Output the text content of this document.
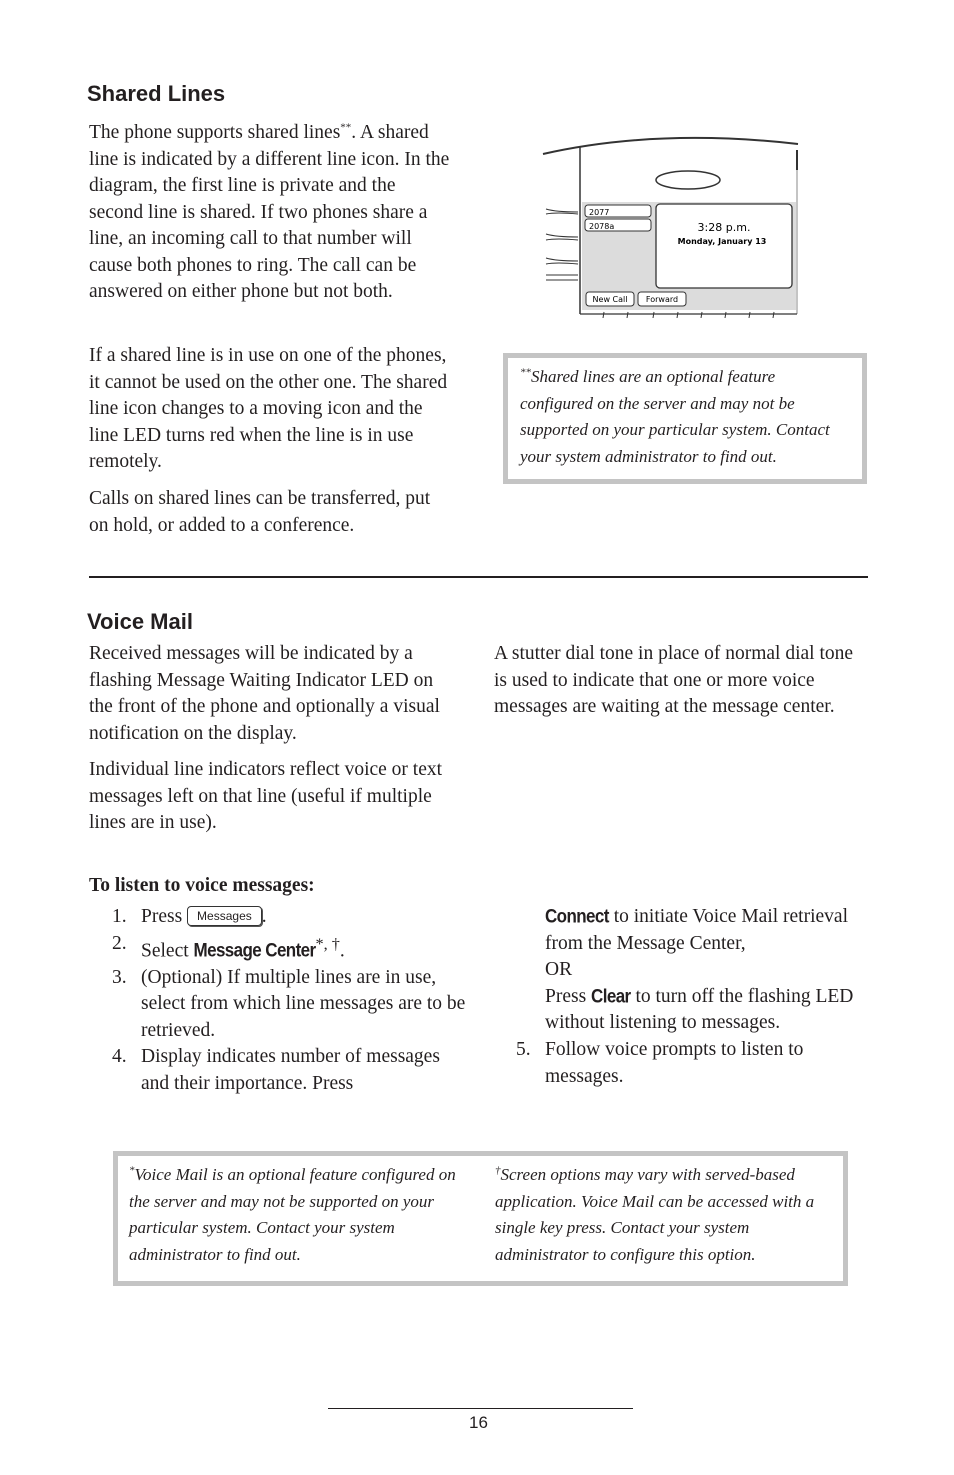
Shared Lines

The phone supports shared lines**. A shared line is indicated by a different line icon. In the diagram, the first line is private and the second line is shared. If two phones share a line, an incoming call to that number will cause both phones to ring. The call can be answered on either phone but not both.

If a shared line is in use on one of the phones, it cannot be used on the other one. The shared line icon changes to a moving icon and the line LED turns red when the line is in use remotely.

Calls on shared lines can be transferred, put on hold, or added to a conference.

2077
2078a	3:28 p.m.
Monday, January 13
New Call Forward
**Shared lines are an optional feature configured on the server and may not be supported on your particular system. Contact your system administrator to find out.
Voice Mail

Received messages will be indicated by a flashing Message Waiting Indicator LED on the front of the phone and optionally a visual notification on the display.

Individual line indicators reflect voice or text messages left on that line (useful if multiple lines are in use).

A stutter dial tone in place of normal dial tone is used to indicate that one or more voice messages are waiting at the message center.

To listen to voice messages:

1. Press Messages .
2. Select Message Center*, †.
3. (Optional) If multiple lines are in use, select from which line messages are to be retrieved.
4. Display indicates number of messages and their importance. Press
Connect to initiate Voice Mail retrieval from the Message Center,
OR
Press Clear to turn off the flashing LED without listening to messages.
5. Follow voice prompts to listen to messages.
*Voice Mail is an optional feature configured on the server and may not be supported on your particular system. Contact your system administrator to find out.
†Screen options may vary with served-based application. Voice Mail can be accessed with a single key press. Contact your system administrator to configure this option.
16
